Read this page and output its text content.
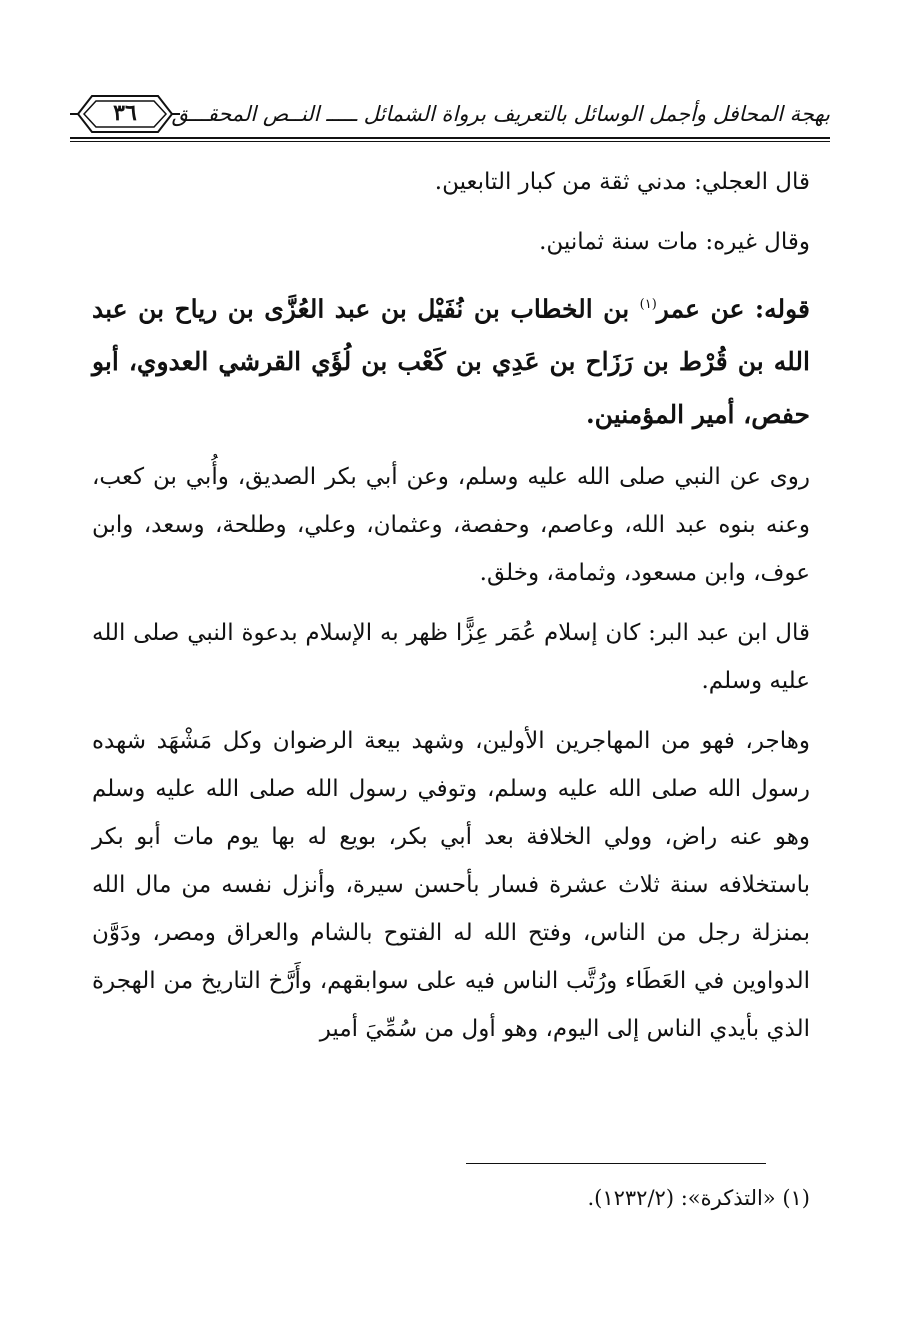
٣٦	بهجة المحافل وأجمل الوسائل بالتعريف برواة الشمائل ـــــ النــص المحقـــق

قال العجلي: مدني ثقة من كبار التابعين.

وقال غيره: مات سنة ثمانين.

قوله: عن عمر$^{(١)}$ بن الخطاب بن نُفَيْل بن عبد العُزَّى بن رياح بن عبد الله بن قُرْط بن رَزَاح بن عَدِي بن كَعْب بن لُؤَي القرشي العدوي، أبو حفص، أمير المؤمنين.

روى عن النبي صلى الله عليه وسلم، وعن أبي بكر الصديق، وأُبي بن كعب، وعنه بنوه عبد الله، وعاصم، وحفصة، وعثمان، وعلي، وطلحة، وسعد، وابن عوف، وابن مسعود، وثمامة، وخلق.

قال ابن عبد البر: كان إسلام عُمَر عِزًّا ظهر به الإسلام بدعوة النبي صلى الله عليه وسلم.

وهاجر، فهو من المهاجرين الأولين، وشهد بيعة الرضوان وكل مَشْهَد شهده رسول الله صلى الله عليه وسلم، وتوفي رسول الله صلى الله عليه وسلم وهو عنه راض، وولي الخلافة بعد أبي بكر، بويع له بها يوم مات أبو بكر باستخلافه سنة ثلاث عشرة فسار بأحسن سيرة، وأنزل نفسه من مال الله بمنزلة رجل من الناس، وفتح الله له الفتوح بالشام والعراق ومصر، ودَوَّن الدواوين في العَطَاء ورُتَّب الناس فيه على سوابقهم، وأَرَّخ التاريخ من الهجرة الذي بأيدي الناس إلى اليوم، وهو أول من سُمِّيَ أمير

(١) «التذكرة»: (١٢٣٢/٢).
